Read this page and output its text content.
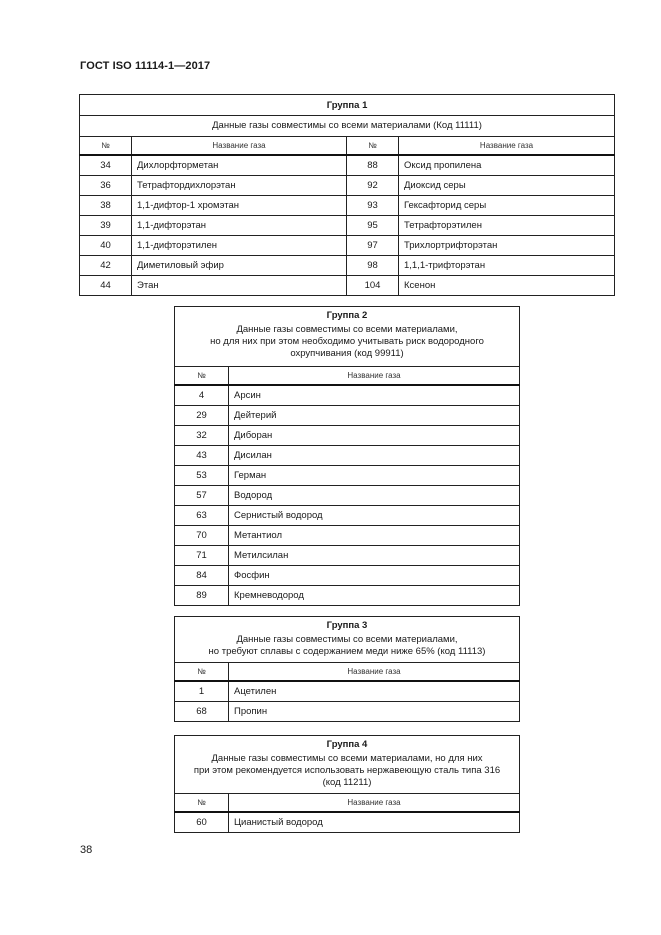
ГОСТ ISO 11114-1—2017
Группа 1			
Данные газы совместимы со всеми материалами (Код 11111)			
№	Название газа	№	Название газа
34	Дихлорфторметан	88	Оксид пропилена
36	Тетрафтордихлорэтан	92	Диоксид серы
38	1,1-дифтор-1 хромэтан	93	Гексафторид серы
39	1,1-дифторэтан	95	Тетрафторэтилен
40	1,1-дифторэтилен	97	Трихлортрифторэтан
42	Диметиловый эфир	98	1,1,1-трифторэтан
44	Этан	104	Ксенон
Группа 2	

Данные газы совместимы со всеми материалами,
но для них при этом необходимо учитывать риск водородного
охрупчивания (код 99911)	

№	Название газа
4	Арсин
29	Дейтерий
32	Диборан
43	Дисилан
53	Герман
57	Водород
63	Сернистый водород
70	Метантиол
71	Метилсилан
84	Фосфин
89	Кремневодород
Группа 3	

Данные газы совместимы со всеми материалами,
но требуют сплавы с содержанием меди ниже 65% (код 11113)	

№	Название газа
1	Ацетилен
68	Пропин
Группа 4	

Данные газы совместимы со всеми материалами, но для них
при этом рекомендуется использовать нержавеющую сталь типа 316
(код 11211)	

№	Название газа
60	Цианистый водород
38
